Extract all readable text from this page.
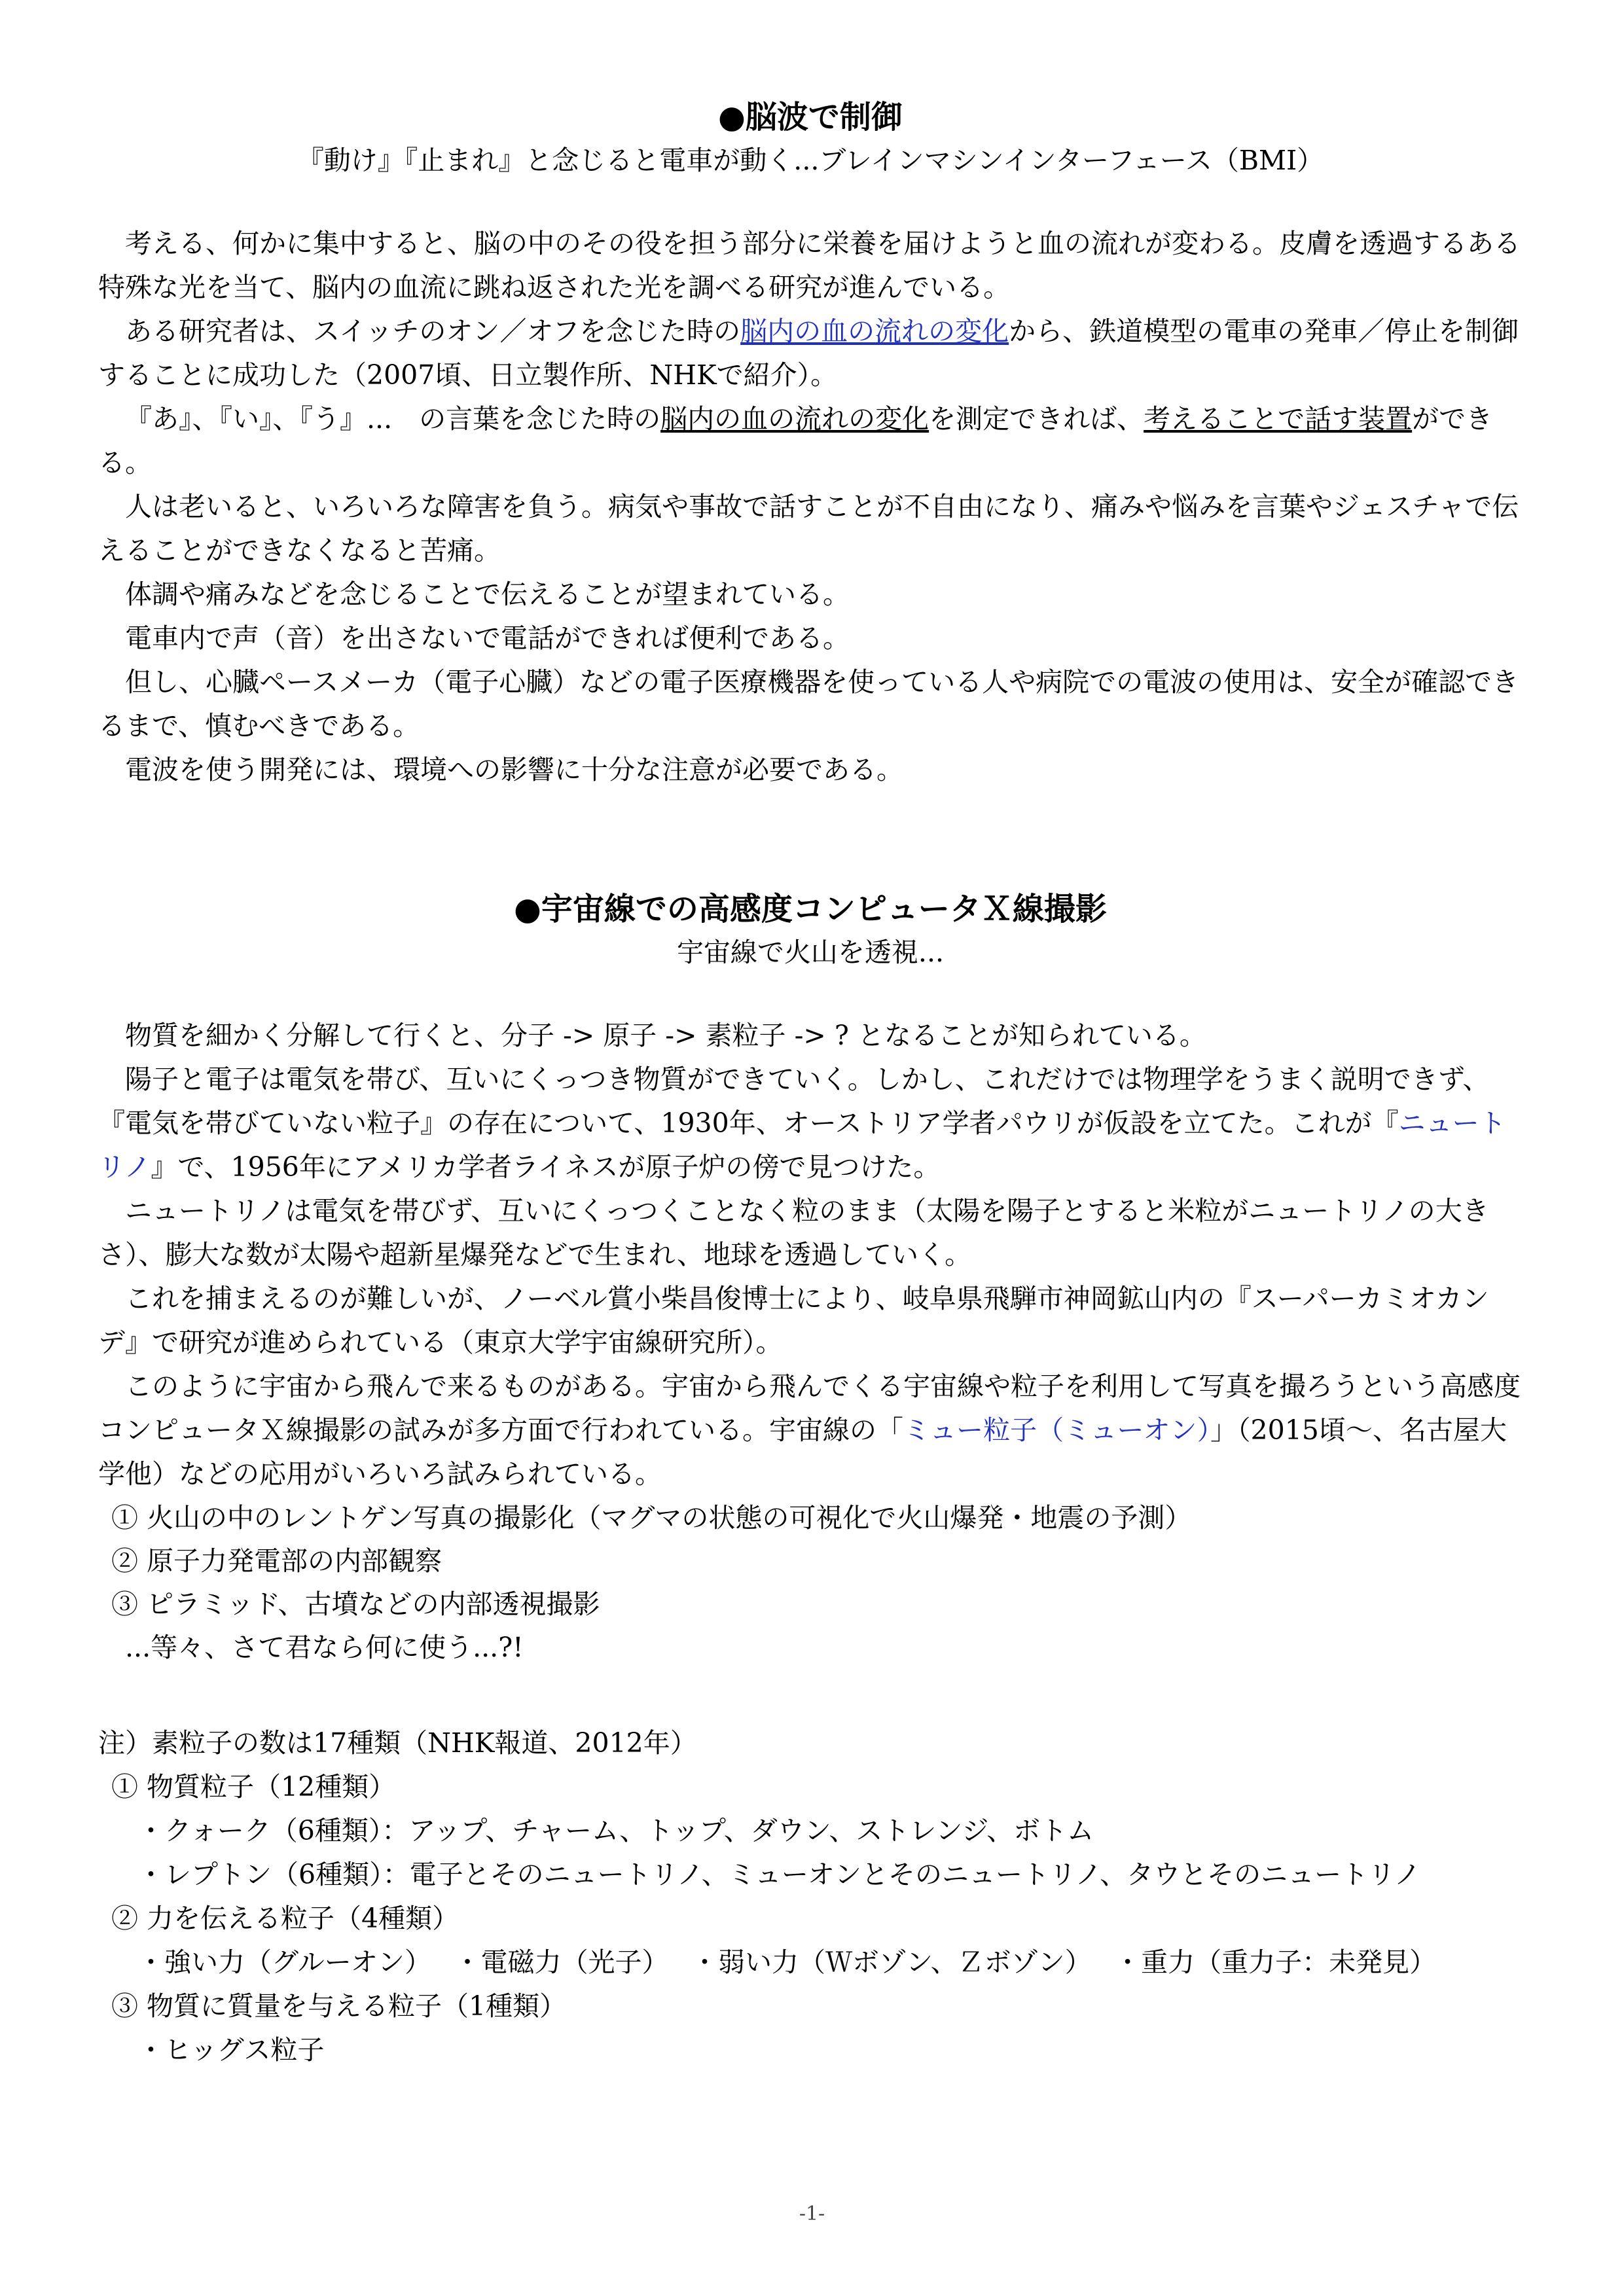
●脳波で制御

『動け』『止まれ』と念じると電車が動く...ブレインマシンインターフェース（BMI）

考える、何かに集中すると、脳の中のその役を担う部分に栄養を届けようと血の流れが変わる。皮膚を透過するある特殊な光を当て、脳内の血流に跳ね返された光を調べる研究が進んでいる。

ある研究者は、スイッチのオン／オフを念じた時の脳内の血の流れの変化から、鉄道模型の電車の発車／停止を制御することに成功した（2007頃、日立製作所、NHKで紹介）。

『あ』、『い』、『う』...　の言葉を念じた時の脳内の血の流れの変化を測定できれば、考えることで話す装置ができる。

人は老いると、いろいろな障害を負う。病気や事故で話すことが不自由になり、痛みや悩みを言葉やジェスチャで伝えることができなくなると苦痛。

体調や痛みなどを念じることで伝えることが望まれている。

電車内で声（音）を出さないで電話ができれば便利である。

但し、心臓ペースメーカ（電子心臓）などの電子医療機器を使っている人や病院での電波の使用は、安全が確認できるまで、慎むべきである。

電波を使う開発には、環境への影響に十分な注意が必要である。

●宇宙線での高感度コンピュータＸ線撮影

宇宙線で火山を透視...

物質を細かく分解して行くと、分子 -> 原子 -> 素粒子 -> ? となることが知られている。

陽子と電子は電気を帯び、互いにくっつき物質ができていく。しかし、これだけでは物理学をうまく説明できず、『電気を帯びていない粒子』の存在について、1930年、オーストリア学者パウリが仮設を立てた。これが『ニュートリノ』で、1956年にアメリカ学者ライネスが原子炉の傍で見つけた。

ニュートリノは電気を帯びず、互いにくっつくことなく粒のまま（太陽を陽子とすると米粒がニュートリノの大きさ）、膨大な数が太陽や超新星爆発などで生まれ、地球を透過していく。

これを捕まえるのが難しいが、ノーベル賞小柴昌俊博士により、岐阜県飛騨市神岡鉱山内の『スーパーカミオカンデ』で研究が進められている（東京大学宇宙線研究所）。

このように宇宙から飛んで来るものがある。宇宙から飛んでくる宇宙線や粒子を利用して写真を撮ろうという高感度コンピュータＸ線撮影の試みが多方面で行われている。宇宙線の「ミュー粒子（ミューオン）」（2015頃～、名古屋大学他）などの応用がいろいろ試みられている。

① 火山の中のレントゲン写真の撮影化（マグマの状態の可視化で火山爆発・地震の予測）

② 原子力発電部の内部観察

③ ピラミッド、古墳などの内部透視撮影

...等々、さて君なら何に使う...?!

注）素粒子の数は17種類（NHK報道、2012年）

① 物質粒子（12種類）

・クォーク（6種類）：アップ、チャーム、トップ、ダウン、ストレンジ、ボトム

・レプトン（6種類）：電子とそのニュートリノ、ミューオンとそのニュートリノ、タウとそのニュートリノ

② 力を伝える粒子（4種類）

・強い力（グルーオン） ・電磁力（光子） ・弱い力（Ｗボゾン、Ｚボゾン） ・重力（重力子：未発見）

③ 物質に質量を与える粒子（1種類）

・ヒッグス粒子

-1-
